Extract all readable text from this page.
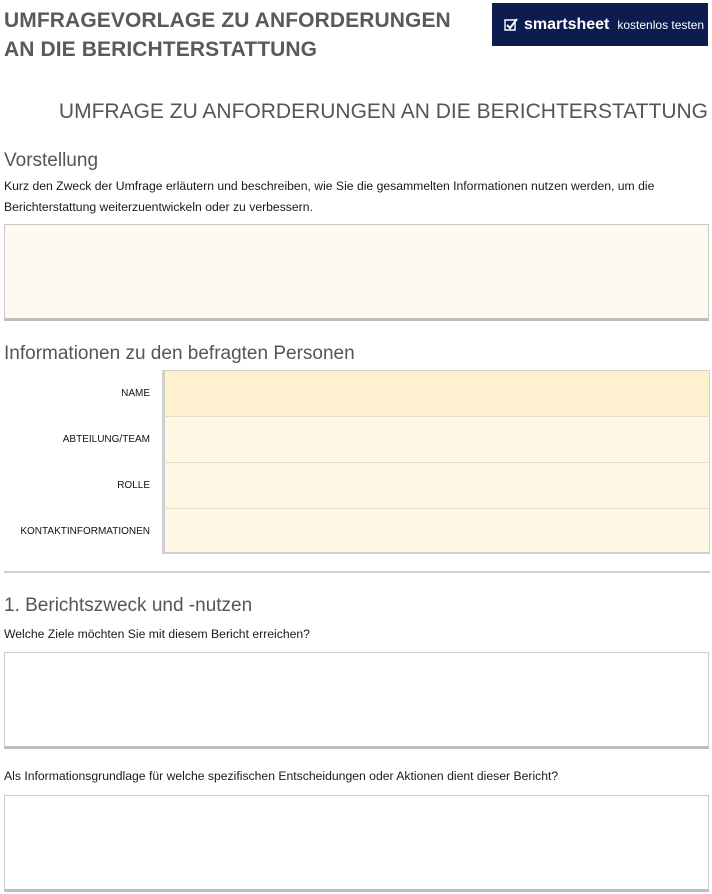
UMFRAGEVORLAGE ZU ANFORDERUNGEN
AN DIE BERICHTERSTATTUNG
smartsheet kostenlos testen
UMFRAGE ZU ANFORDERUNGEN AN DIE BERICHTERSTATTUNG
Vorstellung
Kurz den Zweck der Umfrage erläutern und beschreiben, wie Sie die gesammelten Informationen nutzen werden, um die Berichterstattung weiterzuentwickeln oder zu verbessern.
Informationen zu den befragten Personen
NAME
ABTEILUNG/TEAM
ROLLE
KONTAKTINFORMATIONEN
1. Berichtszweck und -nutzen
Welche Ziele möchten Sie mit diesem Bericht erreichen?
Als Informationsgrundlage für welche spezifischen Entscheidungen oder Aktionen dient dieser Bericht?
